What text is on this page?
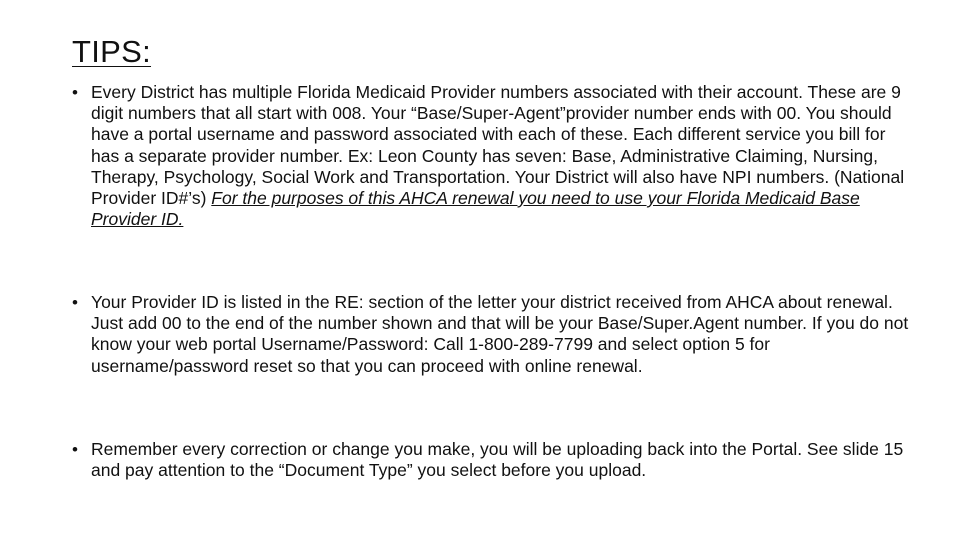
TIPS:
• Every District has multiple Florida Medicaid Provider numbers associated with their account. These are 9 digit numbers that all start with 008. Your “Base/Super-Agent”provider number ends with 00. You should have a portal username and password associated with each of these. Each different service you bill for has a separate provider number. Ex: Leon County has seven: Base, Administrative Claiming, Nursing, Therapy, Psychology, Social Work and Transportation. Your District will also have NPI numbers. (National Provider ID#’s) For the purposes of this AHCA renewal you need to use your Florida Medicaid Base Provider ID.
• Your Provider ID is listed in the RE: section of the letter your district received from AHCA about renewal. Just add 00 to the end of the number shown and that will be your Base/Super.Agent number. If you do not know your web portal Username/Password: Call 1-800-289-7799 and select option 5 for username/password reset so that you can proceed with online renewal.
• Remember every correction or change you make, you will be uploading back into the Portal. See slide 15 and pay attention to the “Document Type” you select before you upload.
